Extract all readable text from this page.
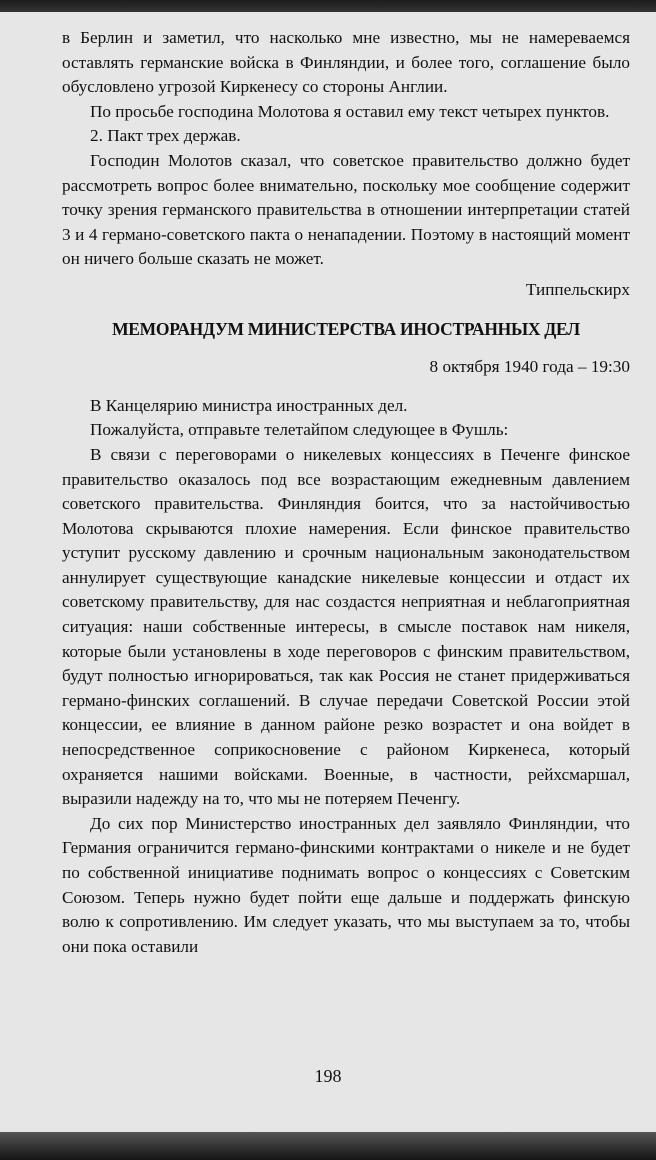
в Берлин и заметил, что насколько мне известно, мы не намереваемся оставлять германские войска в Финляндии, и более того, соглашение было обусловлено угрозой Киркенесу со стороны Англии.

По просьбе господина Молотова я оставил ему текст четырех пунктов.

2. Пакт трех держав.

Господин Молотов сказал, что советское правительство должно будет рассмотреть вопрос более внимательно, поскольку мое сообщение содержит точку зрения германского правительства в отношении интерпретации статей 3 и 4 германо-советского пакта о ненападении. Поэтому в настоящий момент он ничего больше сказать не может.

Типпельскирх
МЕМОРАНДУМ МИНИСТЕРСТВА ИНОСТРАННЫХ ДЕЛ
8 октября 1940 года – 19:30

В Канцелярию министра иностранных дел.

Пожалуйста, отправьте телетайпом следующее в Фушль:

В связи с переговорами о никелевых концессиях в Печенге финское правительство оказалось под все возрастающим ежедневным давлением советского правительства. Финляндия боится, что за настойчивостью Молотова скрываются плохие намерения. Если финское правительство уступит русскому давлению и срочным национальным законодательством аннулирует существующие канадские никелевые концессии и отдаст их советскому правительству, для нас создастся неприятная и неблагоприятная ситуация: наши собственные интересы, в смысле поставок нам никеля, которые были установлены в ходе переговоров с финским правительством, будут полностью игнорироваться, так как Россия не станет придерживаться германо-финских соглашений. В случае передачи Советской России этой концессии, ее влияние в данном районе резко возрастет и она войдет в непосредственное соприкосновение с районом Киркенеса, который охраняется нашими войсками. Военные, в частности, рейхсмаршал, выразили надежду на то, что мы не потеряем Печенгу.

До сих пор Министерство иностранных дел заявляло Финляндии, что Германия ограничится германо-финскими контрактами о никеле и не будет по собственной инициативе поднимать вопрос о концессиях с Советским Союзом. Теперь нужно будет пойти еще дальше и поддержать финскую волю к сопротивлению. Им следует указать, что мы выступаем за то, чтобы они пока оставили

198
